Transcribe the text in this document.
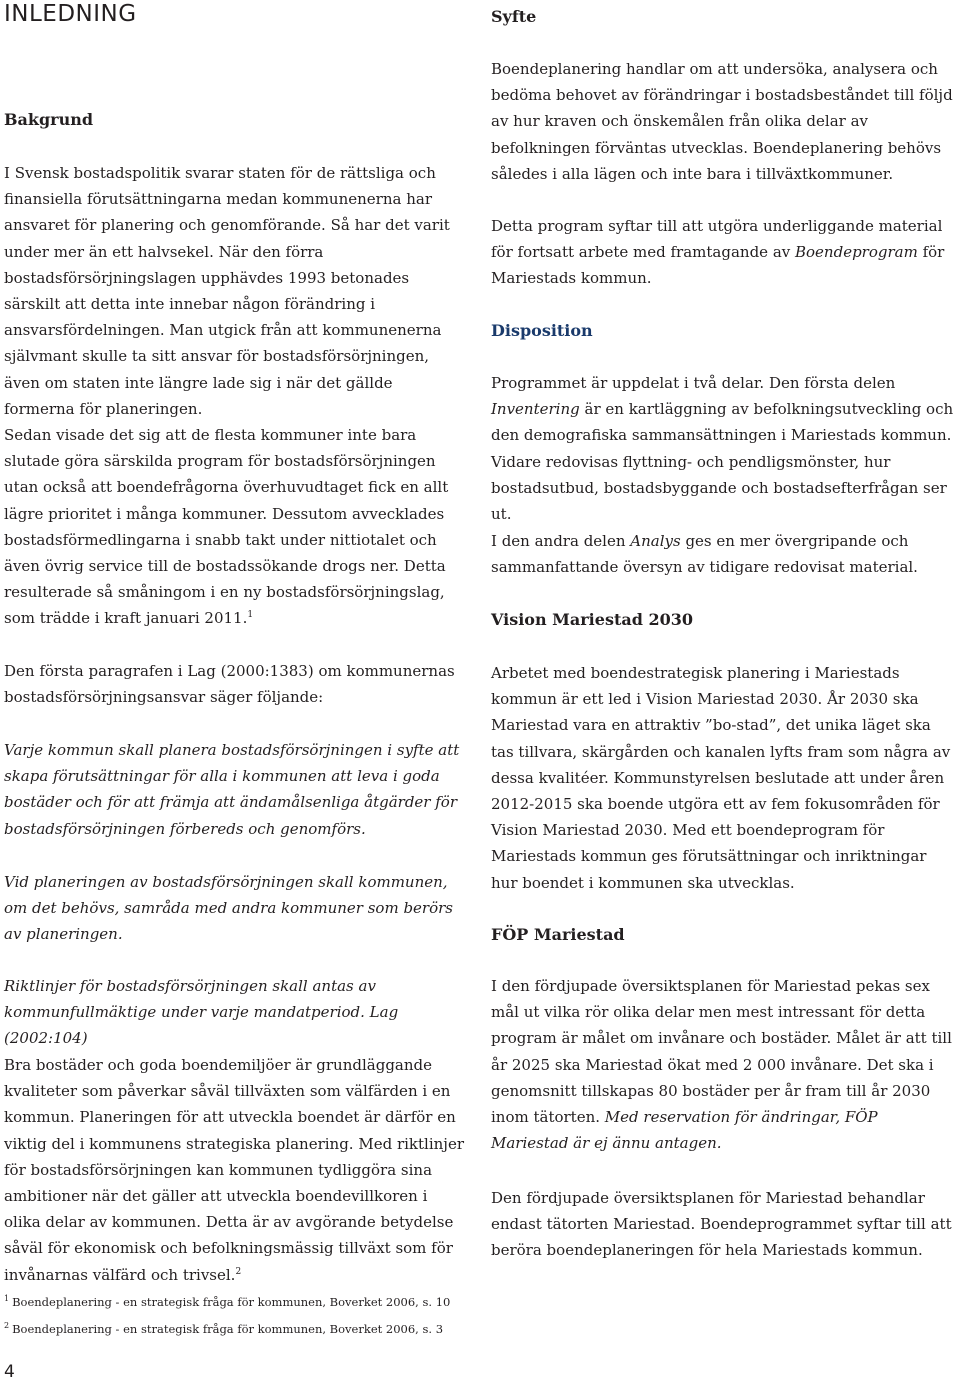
INLEDNING
Bakgrund

I Svensk bostadspolitik svarar staten för de rättsliga och finansiella förutsättningarna medan kommunenerna har ansvaret för planering och genomförande. Så har det varit under mer än ett halvsekel. När den förra bostadsförsörjningslagen upphävdes 1993 betonades särskilt att detta inte innebar någon förändring i ansvarsfördelningen. Man utgick från att kommunenerna självmant skulle ta sitt ansvar för bostadsförsörjningen, även om staten inte längre lade sig i när det gällde formerna för planeringen.

Sedan visade det sig att de flesta kommuner inte bara slutade göra särskilda program för bostadsförsörjningen utan också att boendefrågorna överhuvudtaget fick en allt lägre prioritet i många kommuner. Dessutom avvecklades bostadsförmedlingarna i snabb takt under nittiotalet och även övrig service till de bostadssökande drogs ner. Detta resulterade så småningom i en ny bostadsförsörjningslag, som trädde i kraft januari 2011.$^1$

Den första paragrafen i Lag (2000:1383) om kommunernas bostadsförsörjningsansvar säger följande:

Varje kommun skall planera bostadsförsörjningen i syfte att skapa förutsättningar för alla i kommunen att leva i goda bostäder och för att främja att ändamålsenliga åtgärder för bostadsförsörjningen förbereds och genomförs.

Vid planeringen av bostadsförsörjningen skall kommunen, om det behövs, samråda med andra kommuner som berörs av planeringen.

Riktlinjer för bostadsförsörjningen skall antas av kommunfullmäktige under varje mandatperiod. Lag (2002:104)

Bra bostäder och goda boendemiljöer är grundläggande kvaliteter som påverkar såväl tillväxten som välfärden i en kommun. Planeringen för att utveckla boendet är därför en viktig del i kommunens strategiska planering. Med riktlinjer för bostadsförsörjningen kan kommunen tydliggöra sina ambitioner när det gäller att utveckla boendevillkoren i olika delar av kommunen. Detta är av avgörande betydelse såväl för ekonomisk och befolkningsmässig tillväxt som för invånarnas välfärd och trivsel.$^2$

$^1$ Boendeplanering - en strategisk fråga för kommunen, Boverket 2006, s. 10

$^2$ Boendeplanering - en strategisk fråga för kommunen, Boverket 2006, s. 3

Syfte

Boendeplanering handlar om att undersöka, analysera och bedöma behovet av förändringar i bostadsbeståndet till följd av hur kraven och önskemålen från olika delar av befolkningen förväntas utvecklas. Boendeplanering behövs således i alla lägen och inte bara i tillväxtkommuner.

Detta program syftar till att utgöra underliggande material för fortsatt arbete med framtagande av Boendeprogram för Mariestads kommun.

Disposition

Programmet är uppdelat i två delar. Den första delen Inventering är en kartläggning av befolkningsutveckling och den demografiska sammansättningen i Mariestads kommun. Vidare redovisas flyttning- och pendligsmönster, hur bostadsutbud, bostadsbyggande och bostadsefterfrågan ser ut.

I den andra delen Analys ges en mer övergripande och sammanfattande översyn av tidigare redovisat material.

Vision Mariestad 2030

Arbetet med boendestrategisk planering i Mariestads kommun är ett led i Vision Mariestad 2030. År 2030 ska Mariestad vara en attraktiv ”bo-stad”, det unika läget ska tas tillvara, skärgården och kanalen lyfts fram som några av dessa kvalitéer. Kommunstyrelsen beslutade att under åren 2012-2015 ska boende utgöra ett av fem fokusområden för Vision Mariestad 2030. Med ett boendeprogram för Mariestads kommun ges förutsättningar och inriktningar hur boendet i kommunen ska utvecklas.

FÖP Mariestad

I den fördjupade översiktsplanen för Mariestad pekas sex mål ut vilka rör olika delar men mest intressant för detta program är målet om invånare och bostäder. Målet är att till år 2025 ska Mariestad ökat med 2 000 invånare. Det ska i genomsnitt tillskapas 80 bostäder per år fram till år 2030 inom tätorten. Med reservation för ändringar, FÖP Mariestad är ej ännu antagen.

Den fördjupade översiktsplanen för Mariestad behandlar endast tätorten Mariestad. Boendeprogrammet syftar till att beröra boendeplaneringen för hela Mariestads kommun.

4
